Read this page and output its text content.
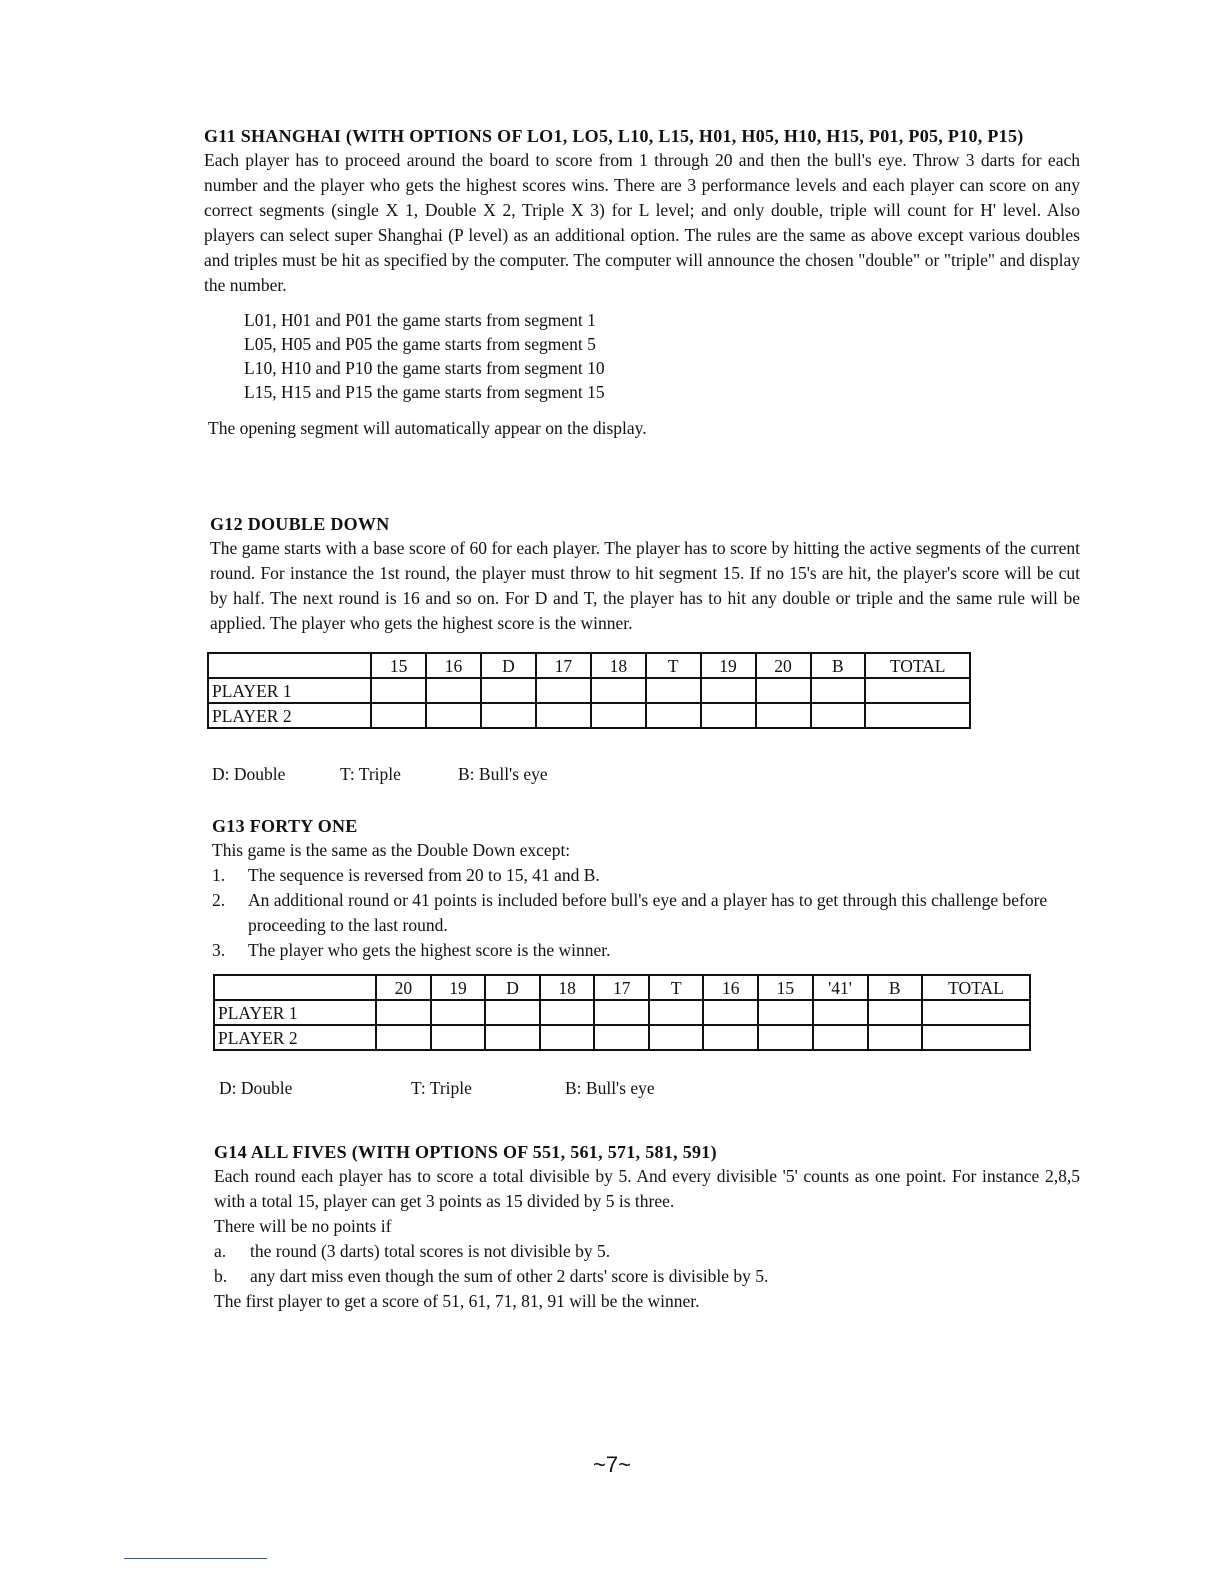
G11 SHANGHAI (WITH OPTIONS OF LO1, LO5, L10, L15, H01, H05, H10, H15, P01, P05, P10, P15)

Each player has to proceed around the board to score from 1 through 20 and then the bull's eye. Throw 3 darts for each number and the player who gets the highest scores wins. There are 3 performance levels and each player can score on any correct segments (single X 1, Double X 2, Triple X 3) for L level; and only double, triple will count for H' level. Also players can select super Shanghai (P level) as an additional option. The rules are the same as above except various doubles and triples must be hit as specified by the computer. The computer will announce the chosen "double" or "triple" and display the number.

L01, H01 and P01 the game starts from segment 1
L05, H05 and P05 the game starts from segment 5
L10, H10 and P10 the game starts from segment 10
L15, H15 and P15 the game starts from segment 15

The opening segment will automatically appear on the display.

G12 DOUBLE DOWN

The game starts with a base score of 60 for each player. The player has to score by hitting the active segments of the current round. For instance the 1st round, the player must throw to hit segment 15. If no 15's are hit, the player's score will be cut by half. The next round is 16 and so on. For D and T, the player has to hit any double or triple and the same rule will be applied. The player who gets the highest score is the winner.

	15	16	D	17	18	T	19	20	B	TOTAL
PLAYER 1										
PLAYER 2										
D: Double	T: Triple	B: Bull's eye

G13 FORTY ONE

This game is the same as the Double Down except:

1.	The sequence is reversed from 20 to 15, 41 and B.
2.	An additional round or 41 points is included before bull's eye and a player has to get through this challenge before proceeding to the last round.
3.	The player who gets the highest score is the winner.
	20	19	D	18	17	T	16	15	'41'	B	TOTAL
PLAYER 1											
PLAYER 2											
D: Double	T: Triple	B: Bull's eye

G14 ALL FIVES (WITH OPTIONS OF 551, 561, 571, 581, 591)

Each round each player has to score a total divisible by 5. And every divisible '5' counts as one point. For instance 2,8,5 with a total 15, player can get 3 points as 15 divided by 5 is three.

There will be no points if

a.	the round (3 darts) total scores is not divisible by 5.
b.	any dart miss even though the sum of other 2 darts' score is divisible by 5.

The first player to get a score of 51, 61, 71, 81, 91 will be the winner.

~7~
